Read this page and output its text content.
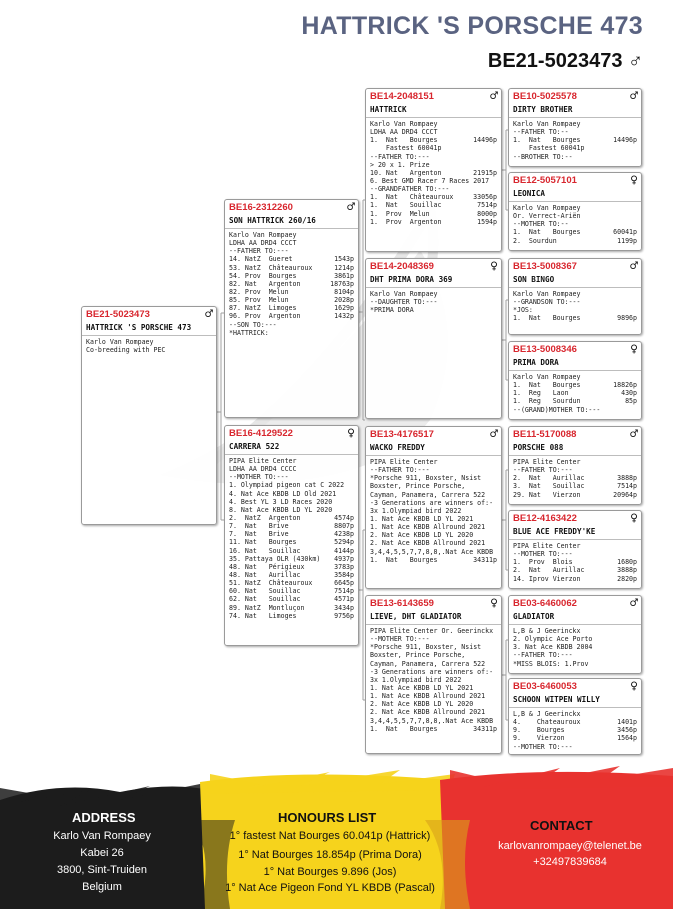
HATTRICK 'S PORSCHE 473
BE21-5023473 ♂
BE21-5023473
HATTRICK 'S PORSCHE 473
♂
Karlo Van Rompaey
Co-breeding with PEC
BE16-2312260
SON HATTRICK 260/16
♂
Karlo Van Rompaey
LDHA AA DRD4 CCCT
--FATHER TO:---
14. NatZ  Gueret	1543p
53. NatZ  Châteauroux	1214p
54. Prov  Bourges	3861p
82. Nat   Argenton	18763p
82. Prov  Melun	8104p
85. Prov  Melun	2028p
87. NatZ  Limoges	1629p
96. Prov  Argenton	1432p
--SON TO:---
*HATTRICK:
BE16-4129522
CARRERA 522
♀
PIPA Elite Center
LDHA AA DRD4 CCCC
--MOTHER TO:---
1. Olympiad pigeon cat C 2022
4. Nat Ace KBDB LD Old 2021
4. Best YL 3 LD Races 2020
8. Nat Ace KBDB LD YL 2020
2.  NatZ  Argenton	4574p
7.  Nat   Brive	8807p
7.  Nat   Brive	4238p
11. Nat   Bourges	5294p
16. Nat   Souillac	4144p
35. Pattaya OLR (430km) 4937p
48. Nat   Périgieux	3783p
48. Nat   Aurillac	3584p
51. NatZ  Châteauroux	6645p
60. Nat   Souillac	7514p
62. Nat   Souillac	4571p
89. NatZ  Montluçon	3434p
74. Nat   Limoges	9756p
BE14-2048151
HATTRICK
♂
Karlo Van Rompaey
LDHA AA DRD4 CCCT
1.  Nat   Bourges	14496p
Fastest 60041p
--FATHER TO:---
> 20 x 1. Prize
10. Nat   Argenton	21915p
6. Best GMD Racer 7 Races 2017
--GRANDFATHER TO:---
1.  Nat   Châteauroux	33056p
1.  Nat   Souillac	7514p
1.  Prov  Melun	8000p
1.  Prov  Argenton	1594p
BE14-2048369
DHT PRIMA DORA 369
♀
Karlo Van Rompaey
--DAUGHTER TO:---
*PRIMA DORA
BE13-4176517
WACKO FREDDY
♂
PIPA Elite Center
--FATHER TO:---
*Porsche 911, Boxster, Nsist
Boxster, Prince Porsche,
Cayman, Panamera, Carrera 522
-3 Generations are winners of:-
3x 1.Olympiad bird 2022
1. Nat Ace KBDB LD YL 2021
1. Nat Ace KBDB Allround 2021
2. Nat Ace KBDB LD YL 2020
2. Nat Ace KBDB Allround 2021
3,4,4,5,5,7,7,8,8,.Nat Ace KBDB
1.  Nat   Bourges	34311p
BE13-6143659
LIEVE, DHT GLADIATOR
♀
PIPA Elite Center Or. Geerinckx
--MOTHER TO:---
*Porsche 911, Boxster, Nsist
Boxster, Prince Porsche,
Cayman, Panamera, Carrera 522
-3 Generations are winners of:-
3x 1.Olympiad bird 2022
1. Nat Ace KBDB LD YL 2021
1. Nat Ace KBDB Allround 2021
2. Nat Ace KBDB LD YL 2020
2. Nat Ace KBDB Allround 2021
3,4,4,5,5,7,7,8,8,.Nat Ace KBDB
1.  Nat   Bourges	34311p
BE10-5025578
DIRTY BROTHER
♂
Karlo Van Rompaey
--FATHER TO:--
1.  Nat   Bourges	14496p
Fastest 60041p
--BROTHER TO:--
BE12-5057101
LEONICA
♀
Karlo Van Rompaey
Or. Verrect-Ariën
--MOTHER TO:--
1.  Nat   Bourges	60041p
2.  Sourdun	1199p
BE13-5008367
SON BINGO
♂
Karlo Van Rompaey
--GRANDSON TO:---
*JOS:
1.  Nat   Bourges	9896p
BE13-5008346
PRIMA DORA
♀
Karlo Van Rompaey
1.  Nat   Bourges	18826p
1.  Reg   Laon	430p
1.  Reg   Sourdun	85p
--(GRAND)MOTHER TO:---
BE11-5170088
PORSCHE 088
♂
PIPA Elite Center
--FATHER TO:---
2.  Nat   Aurillac	3888p
3.  Nat   Souillac	7514p
29. Nat   Vierzon	20964p
BE12-4163422
BLUE ACE FREDDY'KE
♀
PIPA Elite Center
--MOTHER TO:---
1.  Prov  Blois	1680p
2.  Nat   Aurillac	3888p
14. Iprov Vierzon	2820p
BE03-6460062
GLADIATOR
♂
L,B & J Geerinckx
2. Olympic Ace Porto
3. Nat Ace KBDB 2004
--FATHER TO:---
*MISS BLOIS: 1.Prov
BE03-6460053
SCHOON WITPEN WILLY
♀
L,B & J Geerinckx
4.    Chateauroux	1401p
9.    Bourges	3456p
9.    Vierzon	1564p
--MOTHER TO:---
ADDRESS
Karlo Van Rompaey
Kabei 26
3800, Sint-Truiden
Belgium
HONOURS LIST
1° fastest Nat Bourges 60.041p (Hattrick)
1° Nat Bourges 18.854p (Prima Dora)
1° Nat Bourges 9.896 (Jos)
1° Nat Ace Pigeon Fond YL KBDB (Pascal)
CONTACT
karlovanrompaey@telenet.be
+32497839684
